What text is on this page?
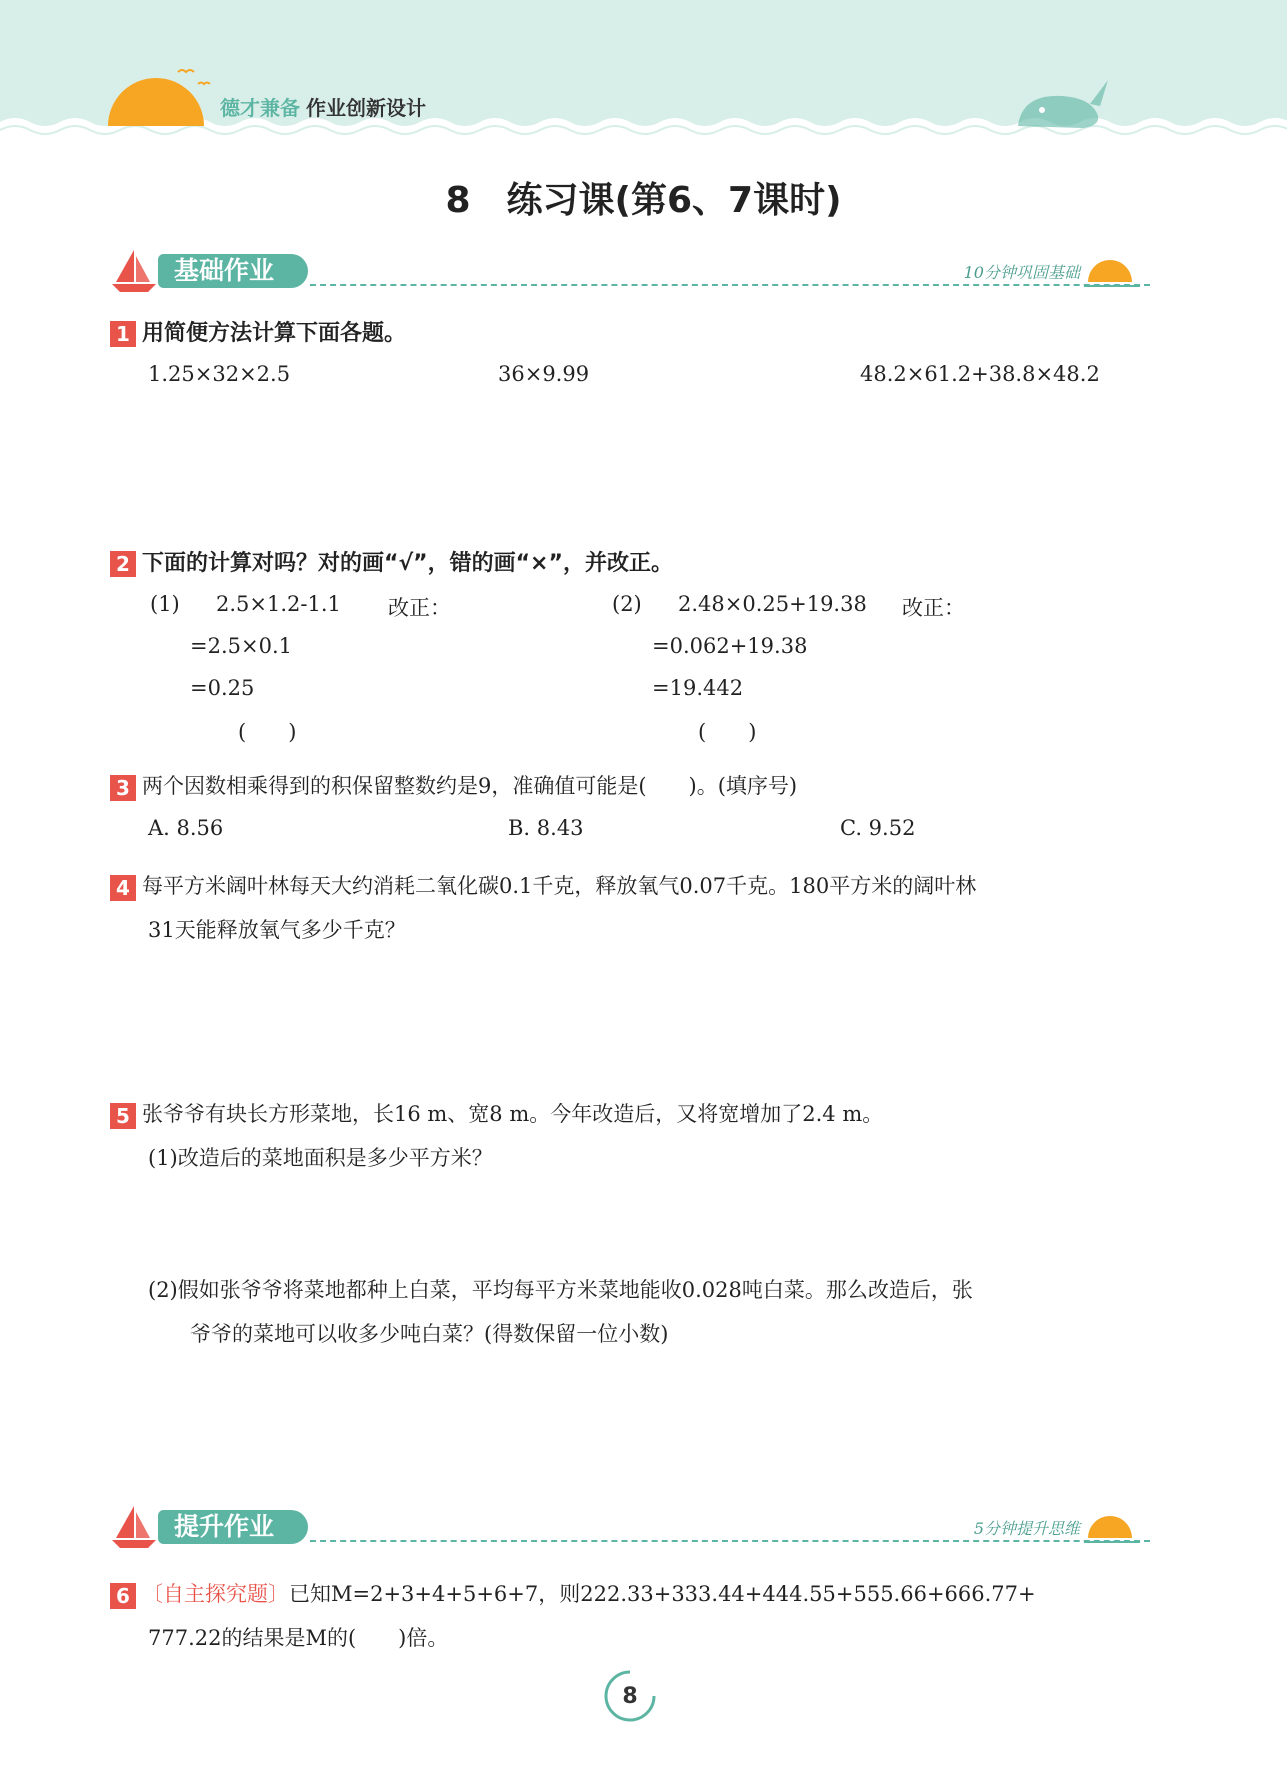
德才兼备 作业创新设计
8　练习课(第6、7课时)
基础作业	10分钟巩固基础
1 用简便方法计算下面各题。
1.25×32×2.5	36×9.99	48.2×61.2+38.8×48.2
2 下面的计算对吗？对的画“√”，错的画“×”，并改正。
(1) 2.5×1.2-1.1 改正：
=2.5×0.1
=0.25
(　　)
(2) 2.48×0.25+19.38 改正：
=0.062+19.38
=19.442
(　　)
3 两个因数相乘得到的积保留整数约是9，准确值可能是(　　)。(填序号)
A. 8.56	B. 8.43	C. 9.52
4 每平方米阔叶林每天大约消耗二氧化碳0.1千克，释放氧气0.07千克。180平方米的阔叶林
31天能释放氧气多少千克？
5 张爷爷有块长方形菜地，长16 m、宽8 m。今年改造后，又将宽增加了2.4 m。
(1)改造后的菜地面积是多少平方米？
(2)假如张爷爷将菜地都种上白菜，平均每平方米菜地能收0.028吨白菜。那么改造后，张
爷爷的菜地可以收多少吨白菜？(得数保留一位小数)
提升作业	5分钟提升思维
6 〔自主探究题〕已知M=2+3+4+5+6+7，则222.33+333.44+444.55+555.66+666.77+
777.22的结果是M的(　　)倍。
8
